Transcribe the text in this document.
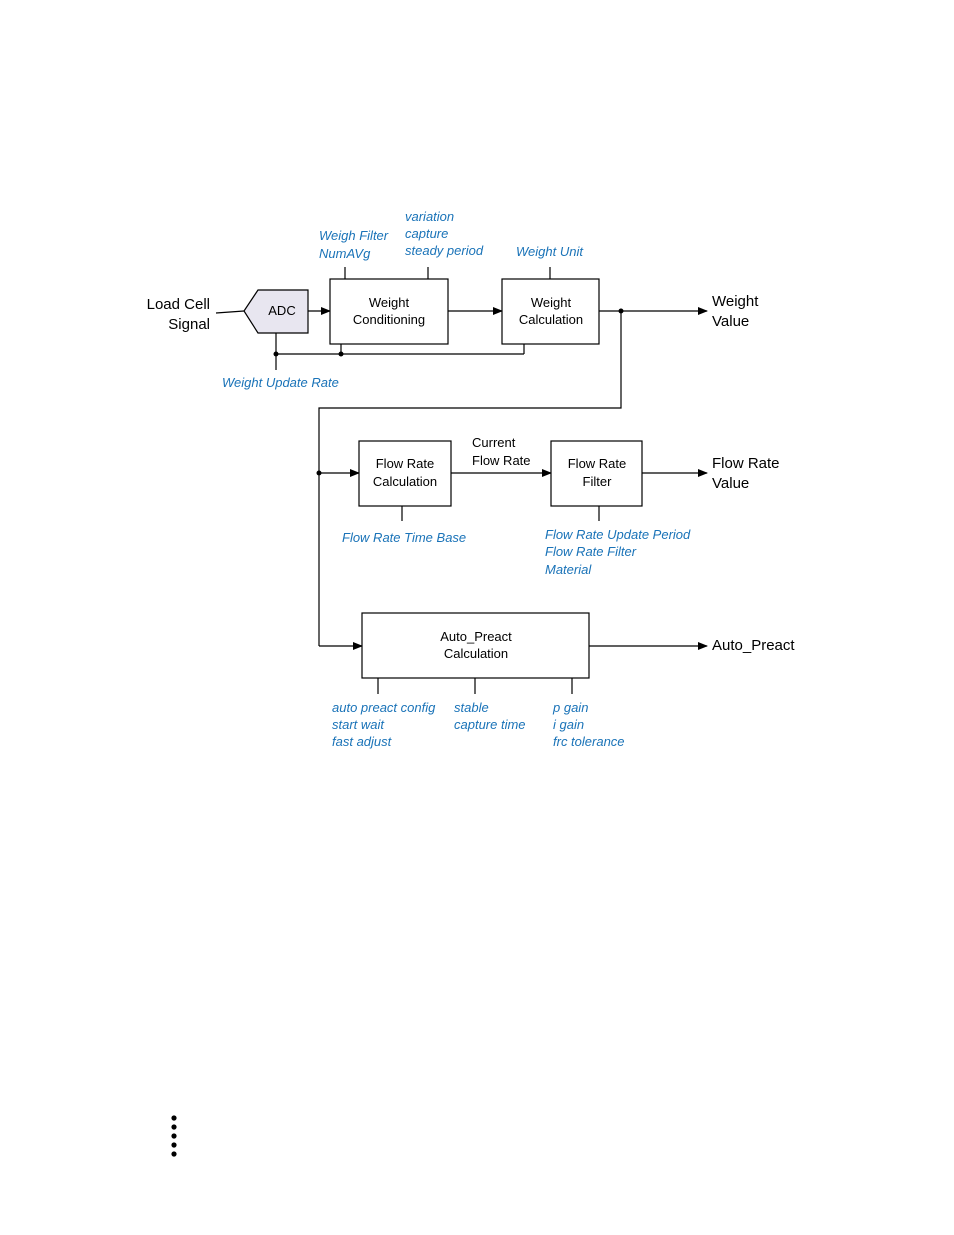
Load Cell
Signal
ADC
Weight
Conditioning
Weight
Calculation
Weight
Value
Weigh Filter
NumAVg
variation
capture
steady period	Weight Unit
Weight Update Rate
Flow Rate
Calculation
Current
Flow Rate	Flow Rate
Filter
Flow Rate
Value
Flow Rate Time Base	Flow Rate Update Period
Flow Rate Filter
Material
Auto_Preact
Calculation	Auto_Preact
auto preact config
start wait
fast adjust
stable
capture time
p gain
i gain
frc tolerance
